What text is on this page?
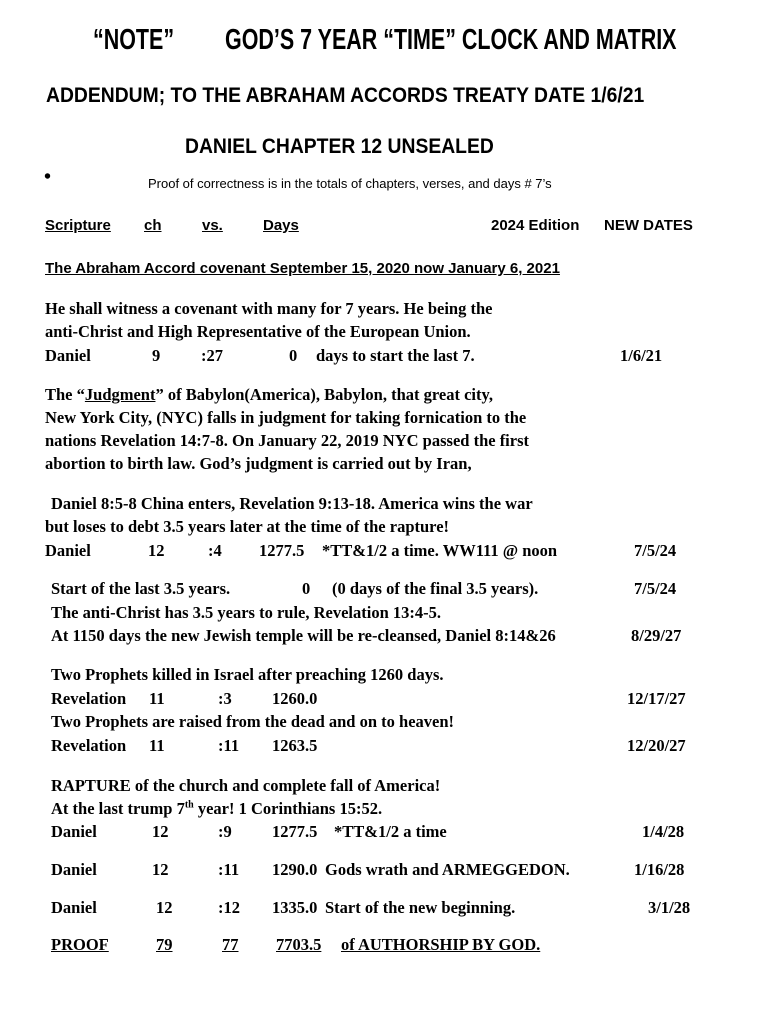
“NOTE” GOD’S 7 YEAR “TIME” CLOCK AND MATRIX
ADDENDUM; TO THE ABRAHAM ACCORDS TREATY DATE 1/6/21
DANIEL CHAPTER 12 UNSEALED
•	Proof of correctness is in the totals of chapters, verses, and days # 7’s
Scripture ch	vs.	Days	2024 Edition NEW DATES
The Abraham Accord covenant September 15, 2020 now January 6, 2021
He shall witness a covenant with many for 7 years. He being the
anti-Christ and High Representative of the European Union.
Daniel	9 :27	0 days to start the last 7.	1/6/21
The “Judgment” of Babylon(America), Babylon, that great city,
New York City, (NYC) falls in judgment for taking fornication to the
nations Revelation 14:7-8. On January 22, 2019 NYC passed the first
abortion to birth law. God’s judgment is carried out by Iran,
Daniel 8:5-8 China enters, Revelation 9:13-18. America wins the war
but loses to debt 3.5 years later at the time of the rapture!
Daniel	12	:4 1277.5 *TT&1/2 a time. WW111 @ noon	7/5/24
Start of the last 3.5 years.	0 (0 days of the final 3.5 years).	7/5/24
The anti-Christ has 3.5 years to rule, Revelation 13:4-5.
At 1150 days the new Jewish temple will be re-cleansed, Daniel 8:14&26	8/29/27
Two Prophets killed in Israel after preaching 1260 days.
Revelation 11	:3 1260.0	12/17/27
Two Prophets are raised from the dead and on to heaven!
Revelation 11	:11 1263.5	12/20/27
RAPTURE of the church and complete fall of America!
At the last trump 7th year! 1 Corinthians 15:52.
Daniel	12	:9 1277.5 *TT&1/2 a time	1/4/28
Daniel	12	:11 1290.0 Gods wrath and ARMEGGEDON.	1/16/28
Daniel	12	:12 1335.0 Start of the new beginning.	3/1/28
PROOF	79	77 7703.5 of AUTHORSHIP BY GOD.
